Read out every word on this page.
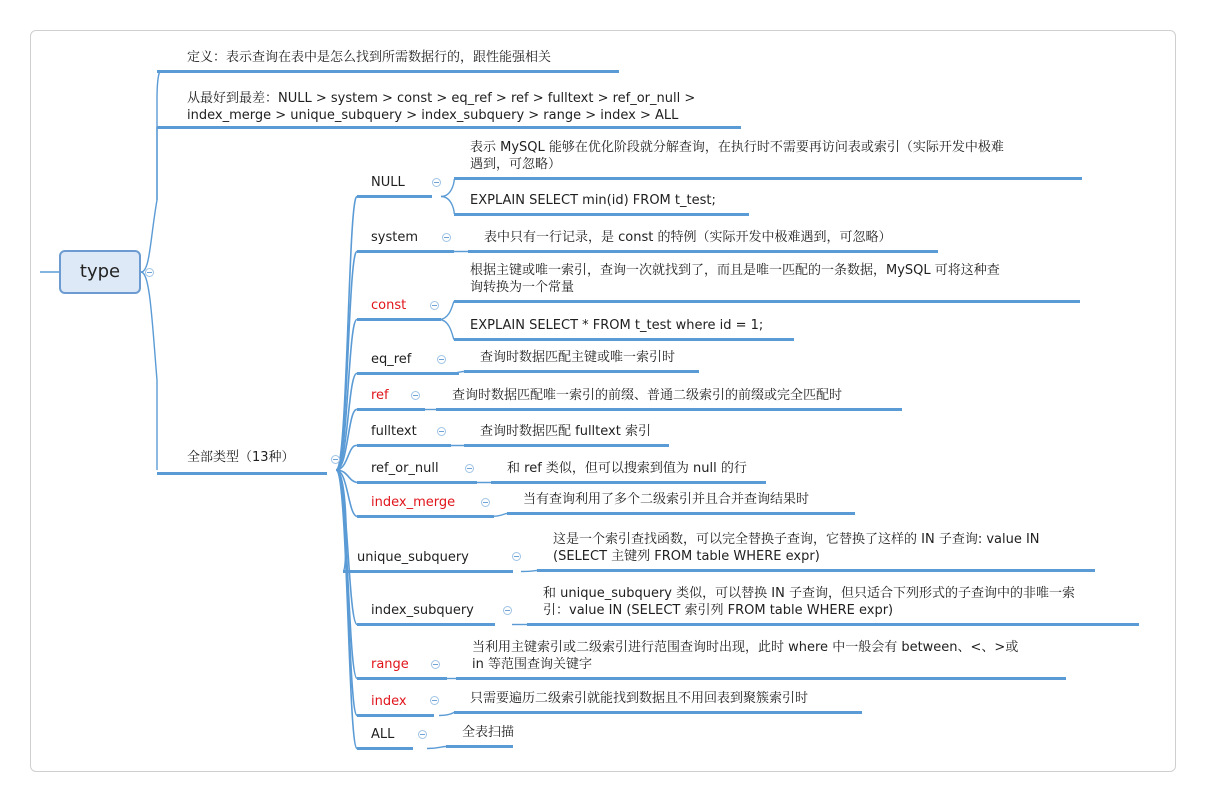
type
定义：表示查询在表中是怎么找到所需数据行的，跟性能强相关
从最好到最差：NULL > system > const > eq_ref > ref > fulltext > ref_or_null >
index_merge > unique_subquery > index_subquery > range > index > ALL
全部类型（13种）
NULL
表示 MySQL 能够在优化阶段就分解查询，在执行时不需要再访问表或索引（实际开发中极难
遇到，可忽略）
EXPLAIN SELECT min(id) FROM t_test;
system	表中只有一行记录，是 const 的特例（实际开发中极难遇到，可忽略）
const
根据主键或唯一索引，查询一次就找到了，而且是唯一匹配的一条数据，MySQL 可将这种查
询转换为一个常量
EXPLAIN SELECT * FROM t_test where id = 1;
eq_ref	查询时数据匹配主键或唯一索引时
ref	查询时数据匹配唯一索引的前缀、普通二级索引的前缀或完全匹配时
fulltext	查询时数据匹配 fulltext 索引
ref_or_null	和 ref 类似，但可以搜索到值为 null 的行
index_merge	当有查询利用了多个二级索引并且合并查询结果时
unique_subquery
这是一个索引查找函数，可以完全替换子查询，它替换了这样的 IN 子查询: value IN
(SELECT 主键列 FROM table WHERE expr)
index_subquery
和 unique_subquery 类似，可以替换 IN 子查询，但只适合下列形式的子查询中的非唯一索
引：value IN (SELECT 索引列 FROM table WHERE expr)
range
当利用主键索引或二级索引进行范围查询时出现，此时 where 中一般会有 between、<、>或
in 等范围查询关键字
index	只需要遍历二级索引就能找到数据且不用回表到聚簇索引时
ALL	全表扫描
